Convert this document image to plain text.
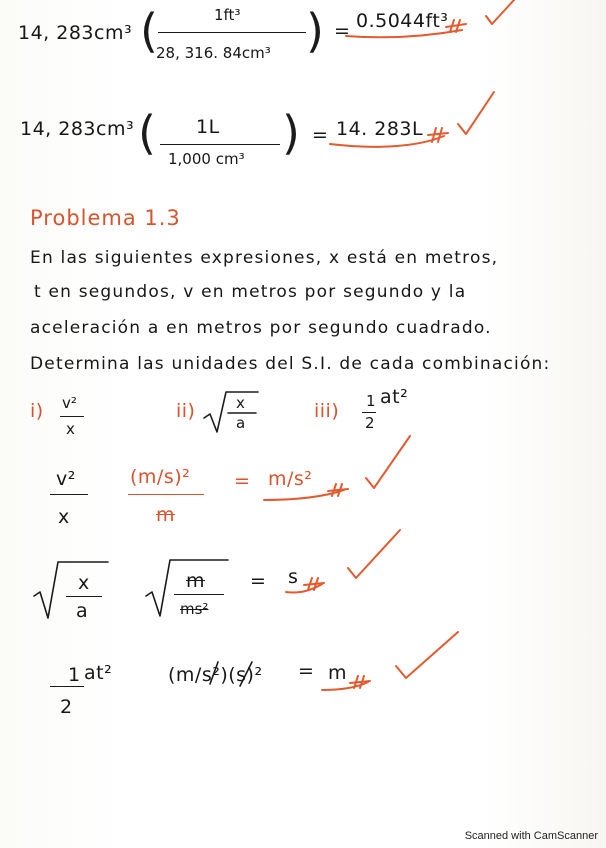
14, 283cm³ (	1ft³
28, 316. 84cm³ ) = 0.5044ft³
14, 283cm³ ( 1L
1,000 cm³ ) = 14. 283L
Problema 1.3
En las siguientes expresiones, x está en metros,
t en segundos, v en metros por segundo y la
aceleración a en metros por segundo cuadrado.
Determina las unidades del S.I. de cada combinación:
i) v²
x
ii)	x
a
iii) 1
2
at²
v²
x
(m/s)²
m
= m/s²
x
a
m
ms²
= s
1
2
at²	(m/s²)(s)² = m
Scanned with CamScanner
